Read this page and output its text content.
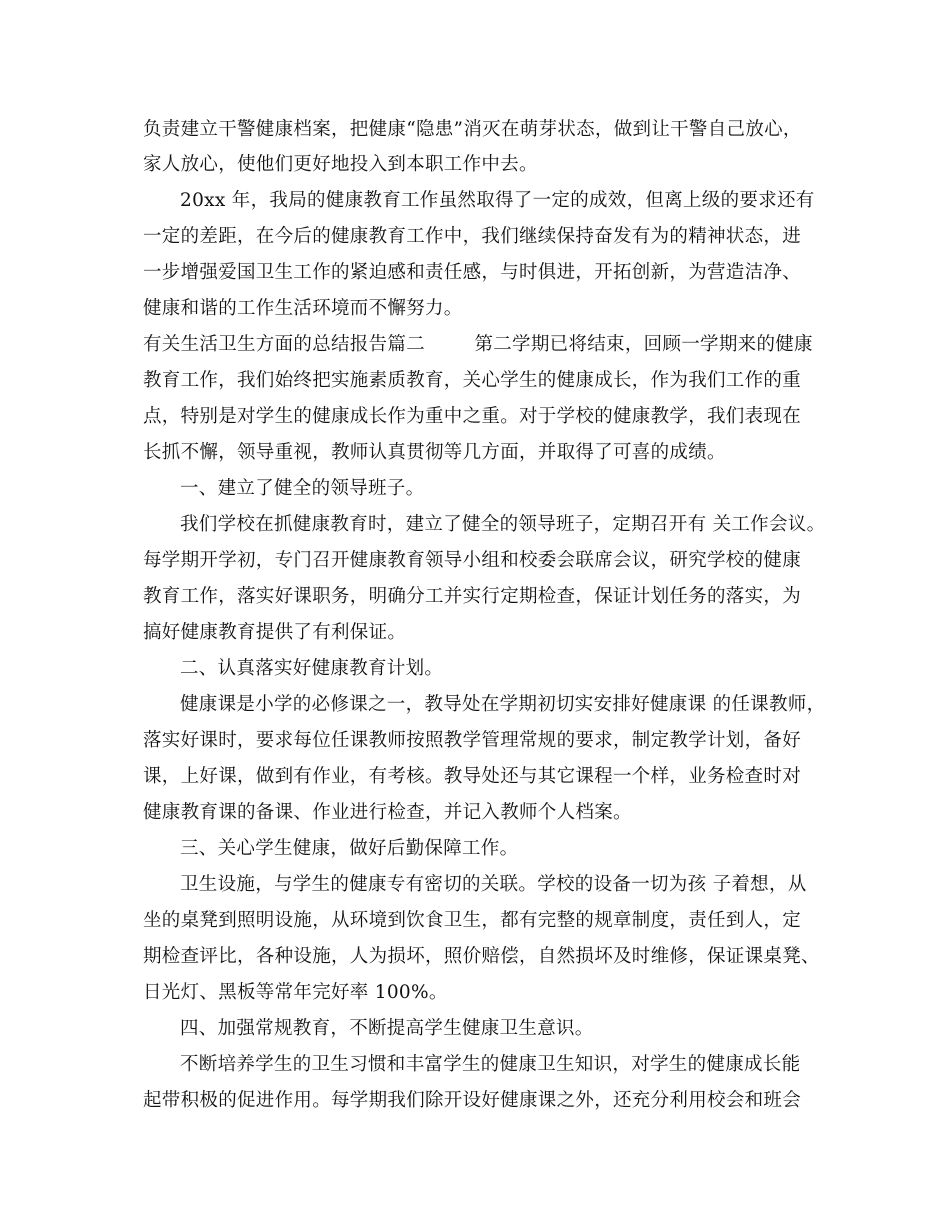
负责建立干警健康档案，把健康“隐患”消灭在萌芽状态，做到让干警自己放心，
家人放心，使他们更好地投入到本职工作中去。
20xx 年，我局的健康教育工作虽然取得了一定的成效，但离上级的要求还有
一定的差距，在今后的健康教育工作中，我们继续保持奋发有为的精神状态，进
一步增强爱国卫生工作的紧迫感和责任感，与时俱进，开拓创新，为营造洁净、
健康和谐的工作生活环境而不懈努力。
有关生活卫生方面的总结报告篇二        第二学期已将结束，回顾一学期来的健康
教育工作，我们始终把实施素质教育，关心学生的健康成长，作为我们工作的重
点，特别是对学生的健康成长作为重中之重。对于学校的健康教学，我们表现在
长抓不懈，领导重视，教师认真贯彻等几方面，并取得了可喜的成绩。
一、建立了健全的领导班子。
我们学校在抓健康教育时，建立了健全的领导班子，定期召开有 关工作会议。
每学期开学初，专门召开健康教育领导小组和校委会联席会议，研究学校的健康
教育工作，落实好课职务，明确分工并实行定期检查，保证计划任务的落实，为
搞好健康教育提供了有利保证。
二、认真落实好健康教育计划。
健康课是小学的必修课之一，教导处在学期初切实安排好健康课 的任课教师，
落实好课时，要求每位任课教师按照教学管理常规的要求，制定教学计划，备好
课，上好课，做到有作业，有考核。教导处还与其它课程一个样，业务检查时对
健康教育课的备课、作业进行检查，并记入教师个人档案。
三、关心学生健康，做好后勤保障工作。
卫生设施，与学生的健康专有密切的关联。学校的设备一切为孩 子着想，从
坐的桌凳到照明设施，从环境到饮食卫生，都有完整的规章制度，责任到人，定
期检查评比，各种设施，人为损坏，照价赔偿，自然损坏及时维修，保证课桌凳、
日光灯、黑板等常年完好率 100%。
四、加强常规教育，不断提高学生健康卫生意识。
不断培养学生的卫生习惯和丰富学生的健康卫生知识，对学生的健康成长能
起带积极的促进作用。每学期我们除开设好健康课之外，还充分利用校会和班会
